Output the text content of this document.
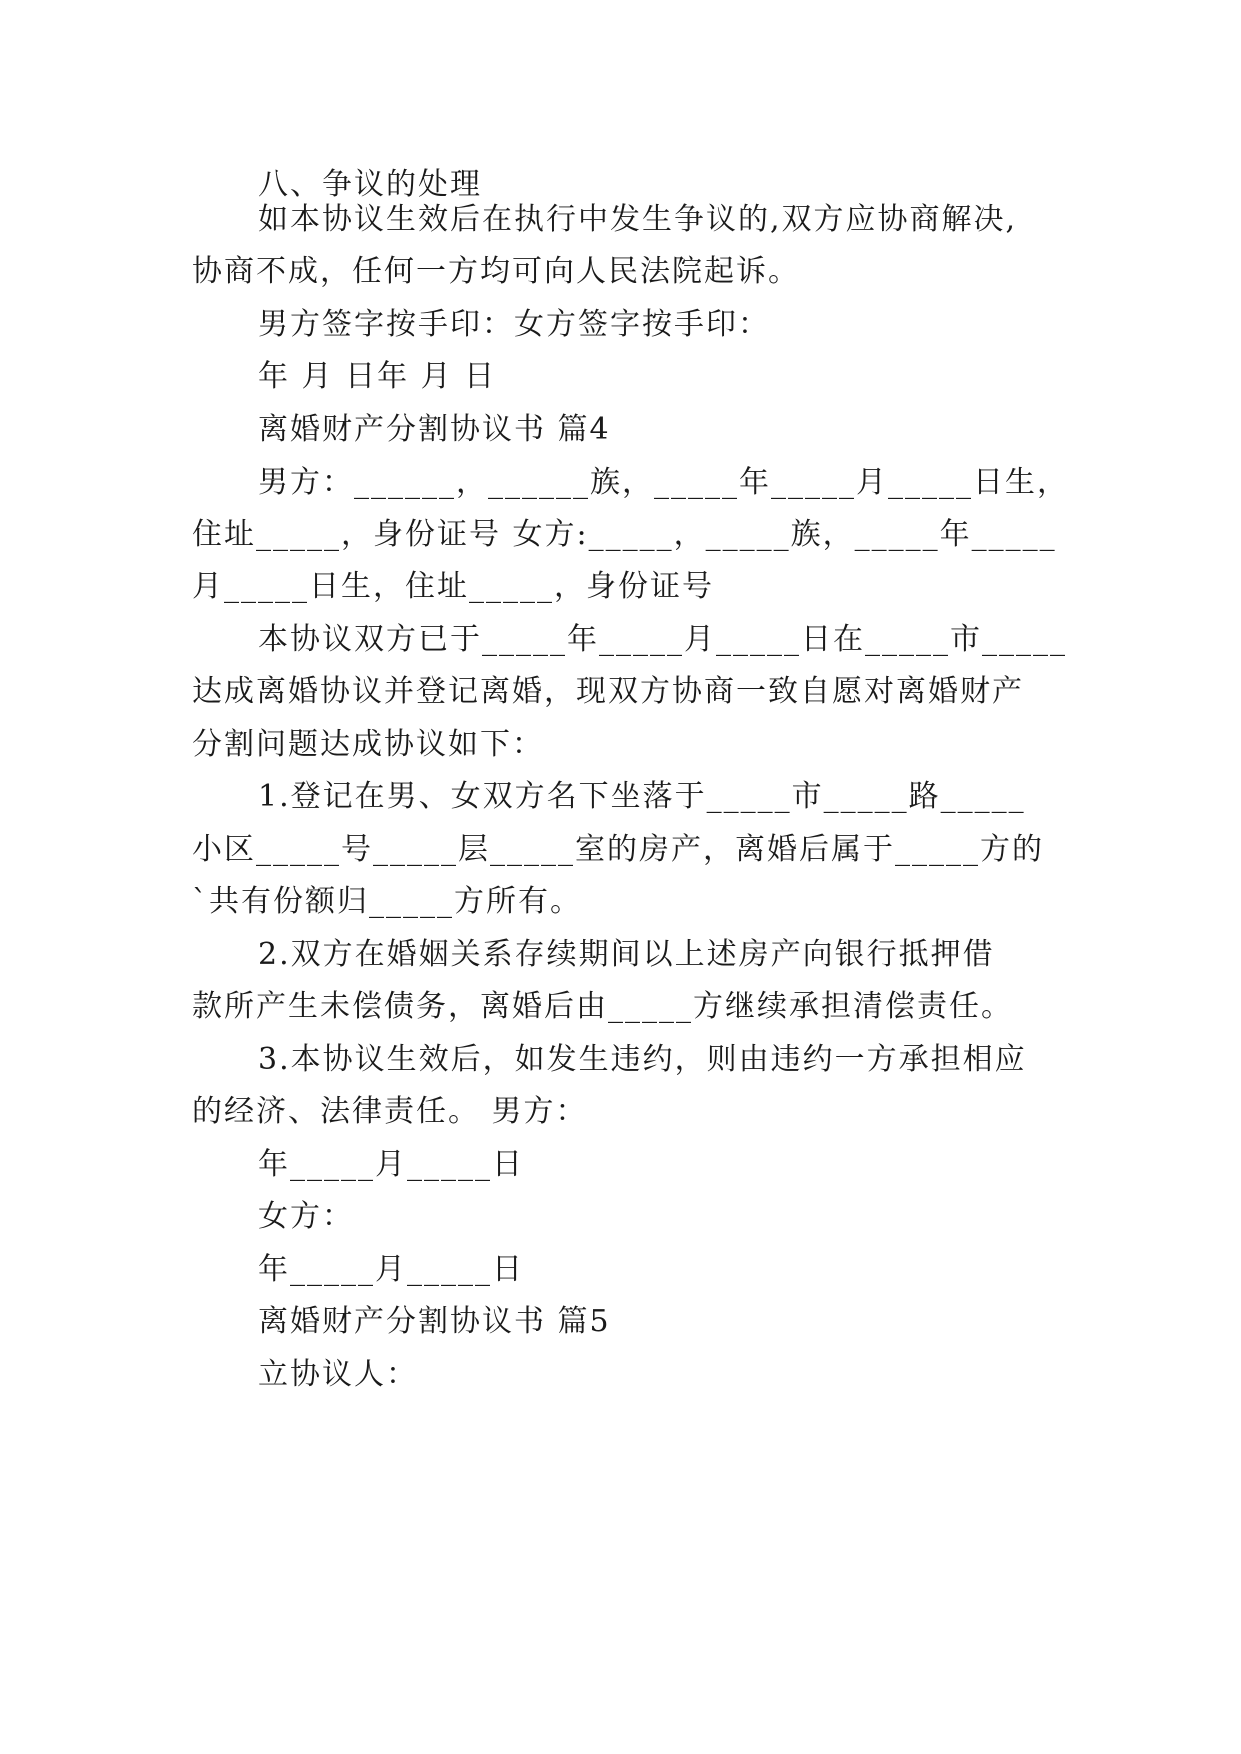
八、争议的处理
如本协议生效后在执行中发生争议的,双方应协商解决,
协商不成，任何一方均可向人民法院起诉。
男方签字按手印：女方签字按手印：
年 月 日年 月 日
离婚财产分割协议书 篇4
男方：______，______族，_____年_____月_____日生，
住址_____，身份证号 女方:_____，_____族，_____年_____
月_____日生，住址_____，身份证号
本协议双方已于_____年_____月_____日在_____市_____
达成离婚协议并登记离婚，现双方协商一致自愿对离婚财产
分割问题达成协议如下：
1.登记在男、女双方名下坐落于_____市_____路_____
小区_____号_____层_____室的房产，离婚后属于_____方的
`共有份额归_____方所有。
2.双方在婚姻关系存续期间以上述房产向银行抵押借
款所产生未偿债务，离婚后由_____方继续承担清偿责任。
3.本协议生效后，如发生违约，则由违约一方承担相应
的经济、法律责任。 男方：
年_____月_____日
女方：
年_____月_____日
离婚财产分割协议书 篇5
立协议人：
